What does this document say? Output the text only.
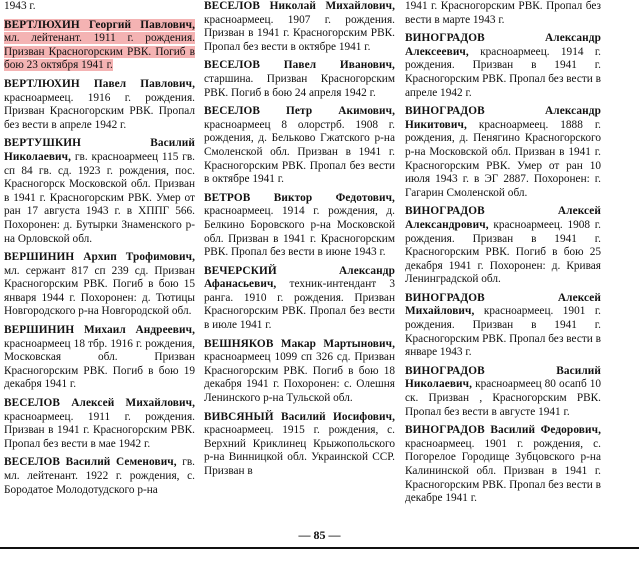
1943 г.
ВЕРТЛЮХИН Георгий Павлович, мл. лейтенант. 1911 г. рождения. Призван Красногорским РВК. Погиб в бою 23 октября 1941 г.
ВЕРТЛЮХИН Павел Павлович, красноармеец. 1916 г. рождения. Призван Красногорским РВК. Пропал без вести в апреле 1942 г.
ВЕРТУШКИН Василий Николаевич, гв. красноармеец 115 гв. сп 84 гв. сд. 1923 г. рождения, пос. Красногорск Московской обл. Призван в 1941 г. Красногорским РВК. Умер от ран 17 августа 1943 г. в ХППГ 566. Похоронен: д. Бутырки Знаменского р-на Орловской обл.
ВЕРШИНИН Архип Трофимович, мл. сержант 817 сп 239 сд. Призван Красногорским РВК. Погиб в бою 15 января 1944 г. Похоронен: д. Тютицы Новгородского р-на Новгородской обл.
ВЕРШИНИН Михаил Андреевич, красноармеец 18 тбр. 1916 г. рождения, Московская обл. Призван Красногорским РВК. Погиб в бою 19 декабря 1941 г.
ВЕСЕЛОВ Алексей Михайлович, красноармеец. 1911 г. рождения. Призван в 1941 г. Красногорским РВК. Пропал без вести в мае 1942 г.
ВЕСЕЛОВ Василий Семенович, гв. мл. лейтенант. 1922 г. рождения, с. Бородатое Молодотудского р-на
ВЕСЕЛОВ Николай Михайлович, красноармеец. 1907 г. рождения. Призван в 1941 г. Красногорским РВК. Пропал без вести в октябре 1941 г.
ВЕСЕЛОВ Павел Иванович, старшина. Призван Красногорским РВК. Погиб в бою 24 апреля 1942 г.
ВЕСЕЛОВ Петр Акимович, красноармеец 8 олорстрб. 1908 г. рождения, д. Бельково Гжатского р-на Смоленской обл. Призван в 1941 г. Красногорским РВК. Пропал без вести в октябре 1941 г.
ВЕТРОВ Виктор Федотович, красноармеец. 1914 г. рождения, д. Белкино Боровского р-на Московской обл. Призван в 1941 г. Красногорским РВК. Пропал без вести в июне 1943 г.
ВЕЧЕРСКИЙ Александр Афанасьевич, техник-интендант 3 ранга. 1910 г. рождения. Призван Красногорским РВК. Пропал без вести в июле 1941 г.
ВЕШНЯКОВ Макар Мартынович, красноармеец 1099 сп 326 сд. Призван Красногорским РВК. Погиб в бою 18 декабря 1941 г. Похоронен: с. Олешня Ленинского р-на Тульской обл.
ВИВСЯНЫЙ Василий Иосифович, красноармеец. 1915 г. рождения, с. Верхний Криклинец Крыжопольского р-на Винницкой обл. Украинской ССР. Призван в
1941 г. Красногорским РВК. Пропал без вести в марте 1943 г.
ВИНОГРАДОВ Александр Алексеевич, красноармеец. 1914 г. рождения. Призван в 1941 г. Красногорским РВК. Пропал без вести в апреле 1942 г.
ВИНОГРАДОВ Александр Никитович, красноармеец. 1888 г. рождения, д. Пенягино Красногорского р-на Московской обл. Призван в 1941 г. Красногорским РВК. Умер от ран 10 июля 1943 г. в ЭГ 2887. Похоронен: г. Гагарин Смоленской обл.
ВИНОГРАДОВ Алексей Александрович, красноармеец. 1908 г. рождения. Призван в 1941 г. Красногорским РВК. Погиб в бою 25 декабря 1941 г. Похоронен: д. Кривая Ленинградской обл.
ВИНОГРАДОВ Алексей Михайлович, красноармеец. 1901 г. рождения. Призван в 1941 г. Красногорским РВК. Пропал без вести в январе 1943 г.
ВИНОГРАДОВ Василий Николаевич, красноармеец 80 осапб 10 ск. Призван , Красногорским РВК. Пропал без вести в августе 1941 г.
ВИНОГРАДОВ Василий Федорович, красноармеец. 1901 г. рождения, с. Погорелое Городище Зубцовского р-на Калининской обл. Призван в 1941 г. Красногорским РВК. Пропал без вести в декабре 1941 г.
— 85 —
